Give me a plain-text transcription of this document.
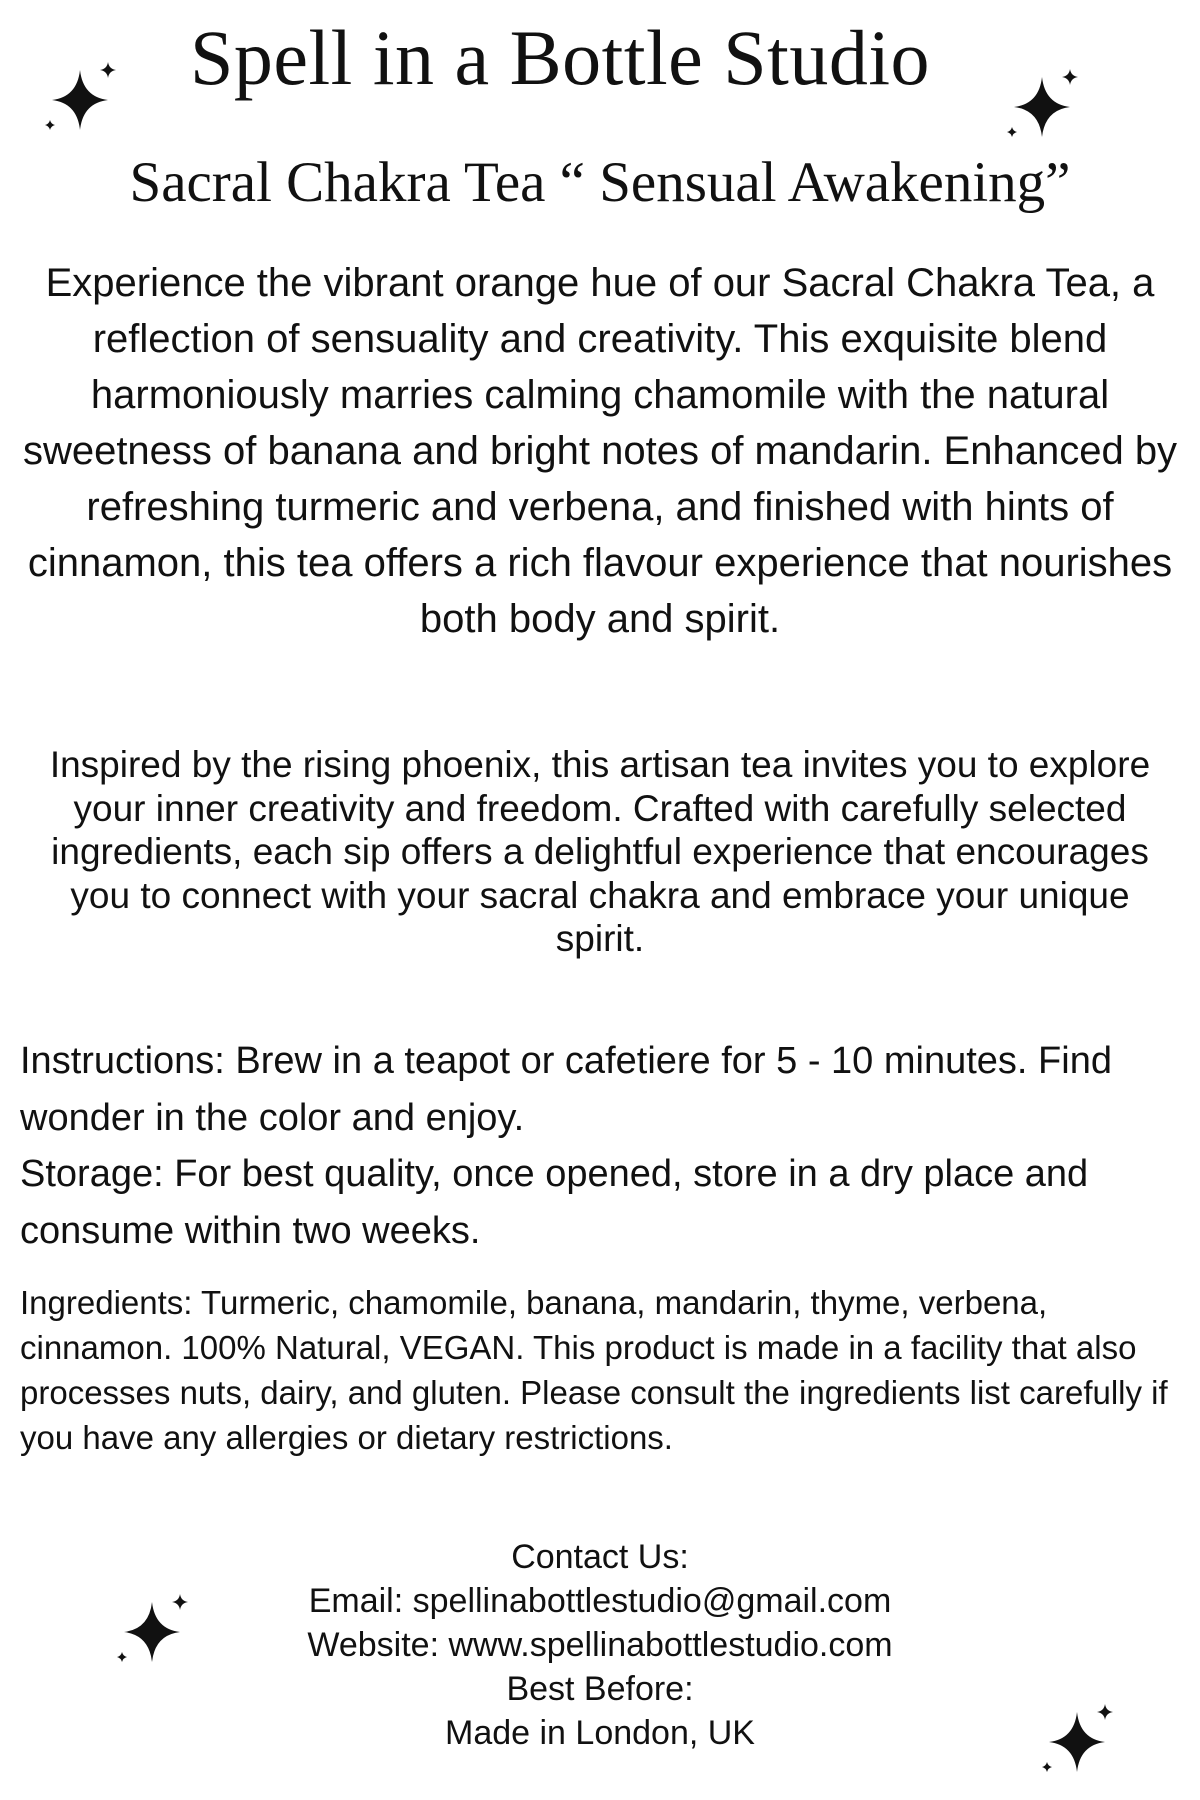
Spell in a Bottle Studio
Sacral Chakra Tea “ Sensual Awakening”

Experience the vibrant orange hue of our Sacral Chakra Tea, a reflection of sensuality and creativity. This exquisite blend harmoniously marries calming chamomile with the natural sweetness of banana and bright notes of mandarin. Enhanced by refreshing turmeric and verbena, and finished with hints of cinnamon, this tea offers a rich flavour experience that nourishes both body and spirit.

Inspired by the rising phoenix, this artisan tea invites you to explore your inner creativity and freedom. Crafted with carefully selected ingredients, each sip offers a delightful experience that encourages you to connect with your sacral chakra and embrace your unique spirit.

Instructions: Brew in a teapot or cafetiere for 5 - 10 minutes. Find wonder in the color and enjoy.
Storage: For best quality, once opened, store in a dry place and consume within two weeks.

Ingredients: Turmeric, chamomile, banana, mandarin, thyme, verbena, cinnamon. 100% Natural, VEGAN. This product is made in a facility that also processes nuts, dairy, and gluten. Please consult the ingredients list carefully if you have any allergies or dietary restrictions.

Contact Us:
Email: spellinabottlestudio@gmail.com
Website: www.spellinabottlestudio.com
Best Before:
Made in London, UK
